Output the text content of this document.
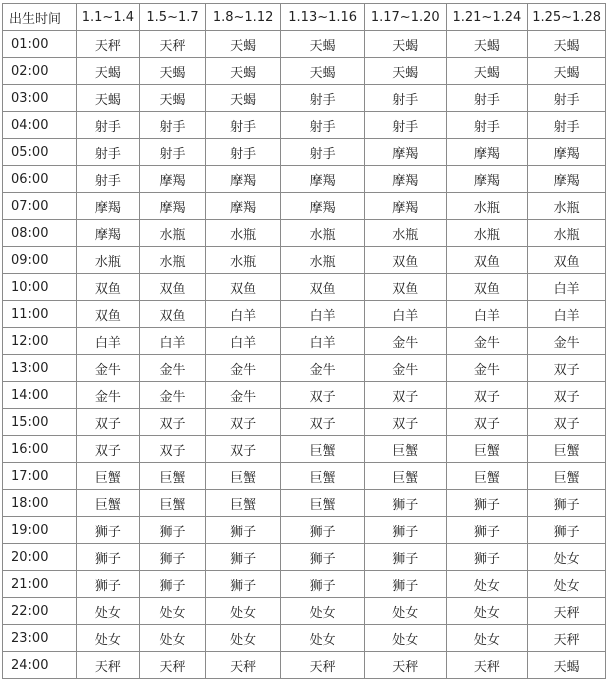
出生时间	1.1~1.4	1.5~1.7	1.8~1.12	1.13~1.16	1.17~1.20	1.21~1.24	1.25~1.28
01:00	天秤	天秤	天蝎	天蝎	天蝎	天蝎	天蝎
02:00	天蝎	天蝎	天蝎	天蝎	天蝎	天蝎	天蝎
03:00	天蝎	天蝎	天蝎	射手	射手	射手	射手
04:00	射手	射手	射手	射手	射手	射手	射手
05:00	射手	射手	射手	射手	摩羯	摩羯	摩羯
06:00	射手	摩羯	摩羯	摩羯	摩羯	摩羯	摩羯
07:00	摩羯	摩羯	摩羯	摩羯	摩羯	水瓶	水瓶
08:00	摩羯	水瓶	水瓶	水瓶	水瓶	水瓶	水瓶
09:00	水瓶	水瓶	水瓶	水瓶	双鱼	双鱼	双鱼
10:00	双鱼	双鱼	双鱼	双鱼	双鱼	双鱼	白羊
11:00	双鱼	双鱼	白羊	白羊	白羊	白羊	白羊
12:00	白羊	白羊	白羊	白羊	金牛	金牛	金牛
13:00	金牛	金牛	金牛	金牛	金牛	金牛	双子
14:00	金牛	金牛	金牛	双子	双子	双子	双子
15:00	双子	双子	双子	双子	双子	双子	双子
16:00	双子	双子	双子	巨蟹	巨蟹	巨蟹	巨蟹
17:00	巨蟹	巨蟹	巨蟹	巨蟹	巨蟹	巨蟹	巨蟹
18:00	巨蟹	巨蟹	巨蟹	巨蟹	狮子	狮子	狮子
19:00	狮子	狮子	狮子	狮子	狮子	狮子	狮子
20:00	狮子	狮子	狮子	狮子	狮子	狮子	处女
21:00	狮子	狮子	狮子	狮子	狮子	处女	处女
22:00	处女	处女	处女	处女	处女	处女	天秤
23:00	处女	处女	处女	处女	处女	处女	天秤
24:00	天秤	天秤	天秤	天秤	天秤	天秤	天蝎
